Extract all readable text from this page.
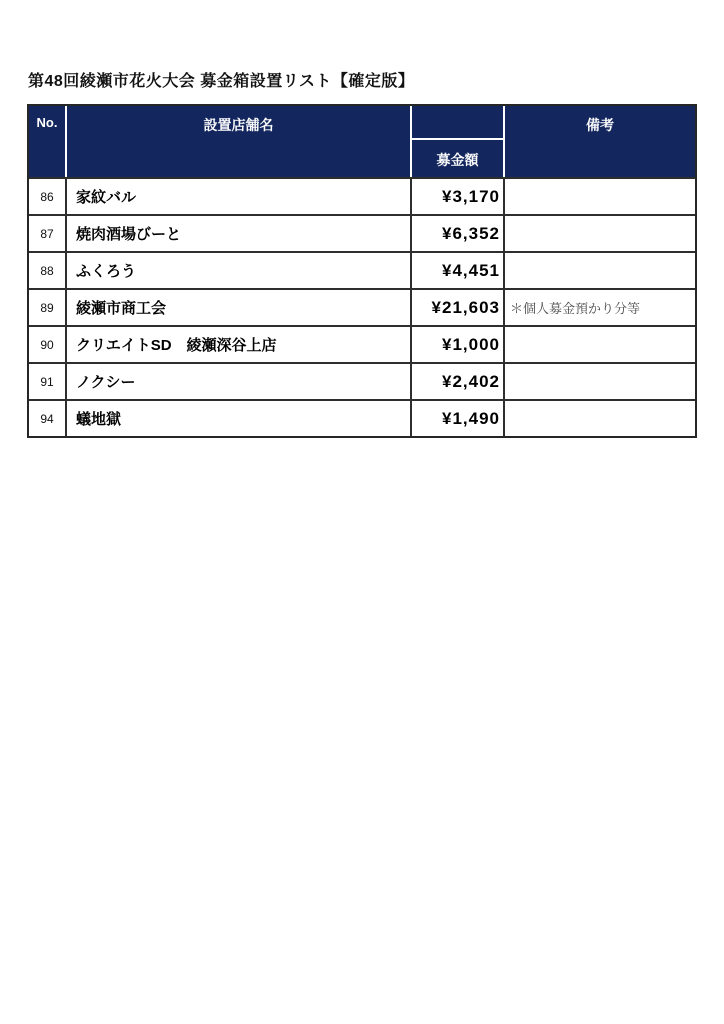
第48回綾瀬市花火大会 募金箱設置リスト【確定版】
No.	設置店舗名		備考
		募金額	
86	家紋バル	¥3,170	
87	焼肉酒場びーと	¥6,352	
88	ふくろう	¥4,451	
89	綾瀬市商工会	¥21,603	＊個人募金預かり分等
90	クリエイトSD　綾瀬深谷上店	¥1,000	
91	ノクシー	¥2,402	
94	蟻地獄	¥1,490	
